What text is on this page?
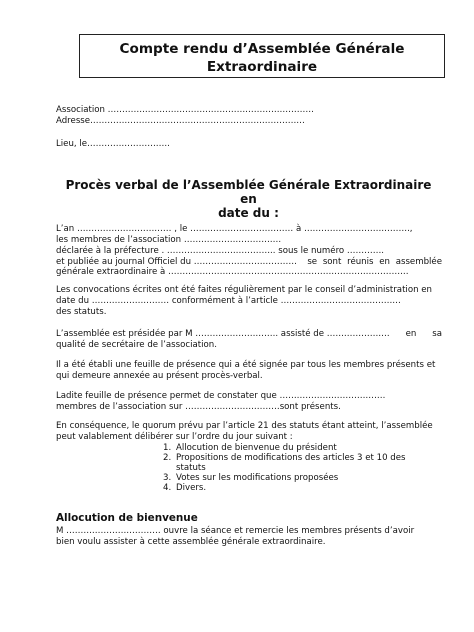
Compte rendu d’Assemblée Générale
Extraordinaire
Association ………………………………………………………………
Adresse…………………………………………………………………
Lieu, le………………………..
Procès verbal de l’Assemblée Générale Extraordinaire en
date du :
L’an …………………………… , le ……………………………… à ……………………………….,
les membres de l’association …………………………….
déclarée à la préfecture . ……………………………….. sous le numéro ………….
et publiée au journal Officiel du ……………………………… se sont réunis en assemblée
générale extraordinaire à …………………………………………………………………………
Les convocations écrites ont été faites régulièrement par le conseil d’administration en
date du ……………………… conformément à l’article ……………………………………
des statuts.
L’assemblée est présidée par M ……………………….. assisté de …………………. en sa
qualité de secrétaire de l’association.
Il a été établi une feuille de présence qui a été signée par tous les membres présents et
qui demeure annexée au présent procès-verbal.
Ladite feuille de présence permet de constater que ……………………………….
membres de l’association sur ……………………………sont présents.
En conséquence, le quorum prévu par l’article 21 des statuts étant atteint, l’assemblée
peut valablement délibérer sur l’ordre du jour suivant :
1. Allocution de bienvenue du président
2. Propositions de modifications des articles 3 et 10 des statuts
3. Votes sur les modifications proposées
4. Divers.
Allocution de bienvenue
M …………………………… ouvre la séance et remercie les membres présents d’avoir
bien voulu assister à cette assemblée générale extraordinaire.
